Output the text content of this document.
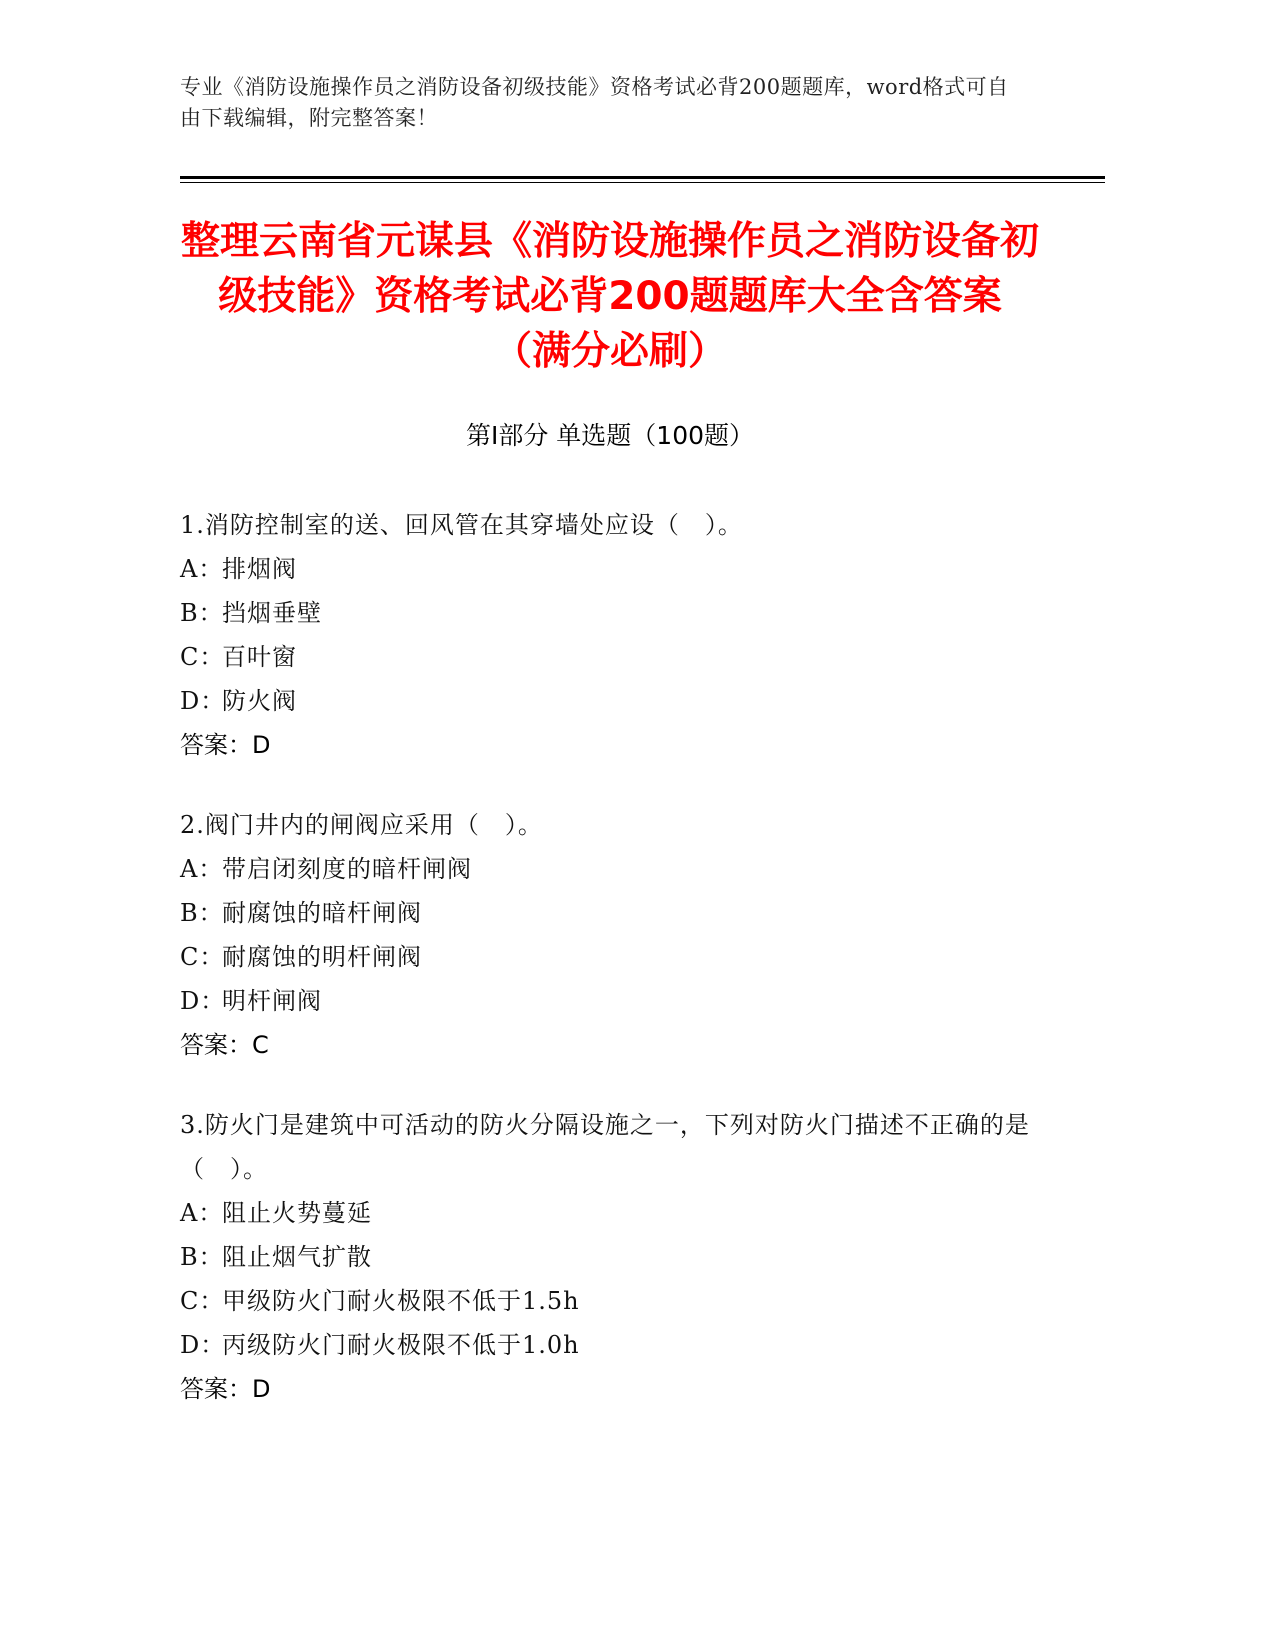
专业《消防设施操作员之消防设备初级技能》资格考试必背200题题库，word格式可自由下载编辑，附完整答案！
整理云南省元谋县《消防设施操作员之消防设备初级技能》资格考试必背200题题库大全含答案（满分必刷）
第Ⅰ部分 单选题（100题）
1.消防控制室的送、回风管在其穿墙处应设（　）。
A：排烟阀
B：挡烟垂壁
C：百叶窗
D：防火阀
答案：D
2.阀门井内的闸阀应采用（　）。
A：带启闭刻度的暗杆闸阀
B：耐腐蚀的暗杆闸阀
C：耐腐蚀的明杆闸阀
D：明杆闸阀
答案：C
3.防火门是建筑中可活动的防火分隔设施之一，下列对防火门描述不正确的是（　）。
A：阻止火势蔓延
B：阻止烟气扩散
C：甲级防火门耐火极限不低于1.5h
D：丙级防火门耐火极限不低于1.0h
答案：D
